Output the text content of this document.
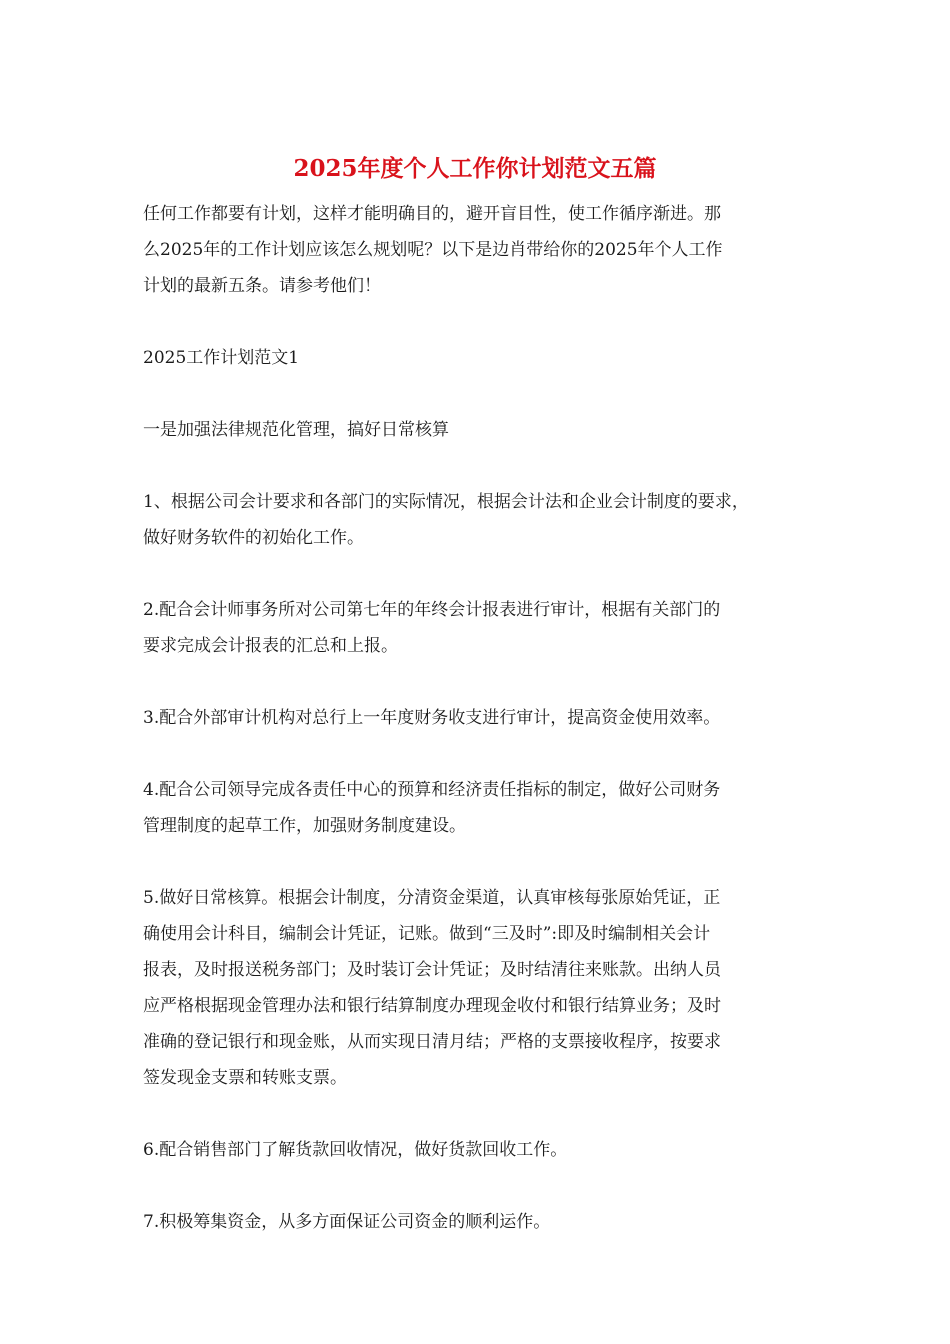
2025年度个人工作你计划范文五篇

任何工作都要有计划，这样才能明确目的，避开盲目性，使工作循序渐进。那
么2025年的工作计划应该怎么规划呢？以下是边肖带给你的2025年个人工作
计划的最新五条。请参考他们！

2025工作计划范文1

一是加强法律规范化管理，搞好日常核算

1、根据公司会计要求和各部门的实际情况，根据会计法和企业会计制度的要求，
做好财务软件的初始化工作。

2.配合会计师事务所对公司第七年的年终会计报表进行审计，根据有关部门的
要求完成会计报表的汇总和上报。

3.配合外部审计机构对总行上一年度财务收支进行审计，提高资金使用效率。

4.配合公司领导完成各责任中心的预算和经济责任指标的制定，做好公司财务
管理制度的起草工作，加强财务制度建设。

5.做好日常核算。根据会计制度，分清资金渠道，认真审核每张原始凭证，正
确使用会计科目，编制会计凭证，记账。做到“三及时”:即及时编制相关会计
报表，及时报送税务部门；及时装订会计凭证；及时结清往来账款。出纳人员
应严格根据现金管理办法和银行结算制度办理现金收付和银行结算业务；及时
准确的登记银行和现金账，从而实现日清月结；严格的支票接收程序，按要求
签发现金支票和转账支票。

6.配合销售部门了解货款回收情况，做好货款回收工作。

7.积极筹集资金，从多方面保证公司资金的顺利运作。
